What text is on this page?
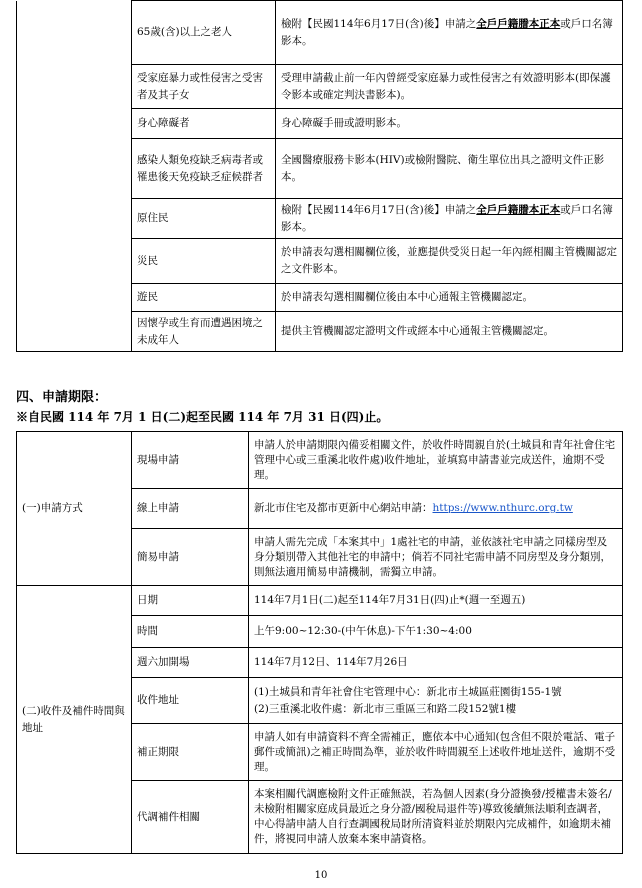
	65歲(含)以上之老人	檢附【民國114年6月17日(含)後】申請之全戶戶籍謄本正本或戶口名簿影本。
	受家庭暴力或性侵害之受害者及其子女	受理申請截止前一年內曾經受家庭暴力或性侵害之有效證明影本(即保護令影本或確定判決書影本)。
	身心障礙者	身心障礙手冊或證明影本。
	感染人類免疫缺乏病毒者或罹患後天免疫缺乏症候群者	全國醫療服務卡影本(HIV)或檢附醫院、衛生單位出具之證明文件正影本。
	原住民	檢附【民國114年6月17日(含)後】申請之全戶戶籍謄本正本或戶口名簿影本。
	災民	於申請表勾選相關欄位後，並應提供受災日起一年內經相關主管機關認定之文件影本。
	遊民	於申請表勾選相關欄位後由本中心通報主管機關認定。
	因懷孕或生育而遭遇困境之未成年人	提供主管機關認定證明文件或經本中心通報主管機關認定。
四、申請期限：
※自民國 114 年 7月 1 日(二)起至民國 114 年 7月 31 日(四)止。
(一)申請方式	現場申請	申請人於申請期限內備妥相關文件，於收件時間親自於(土城員和青年社會住宅管理中心或三重溪北收件處)收件地址，並填寫申請書並完成送件，逾期不受理。
	線上申請	新北市住宅及都市更新中心網站申請：https://www.nthurc.org.tw
	簡易申請	申請人需先完成「本案其中」1處社宅的申請，並依該社宅申請之同樣房型及身分類別帶入其他社宅的申請中；倘若不同社宅需申請不同房型及身分類別，則無法適用簡易申請機制，需獨立申請。
(二)收件及補件時間與地址	日期	114年7月1日(二)起至114年7月31日(四)止*(週一至週五)
	時間	上午9:00~12:30-(中午休息)-下午1:30~4:00
	週六加開場	114年7月12日、114年7月26日
	收件地址	(1)土城員和青年社會住宅管理中心：新北市土城區莊園街155-1號
(2)三重溪北收件處：新北市三重區三和路二段152號1樓

	補正期限	申請人如有申請資料不齊全需補正，應依本中心通知(包含但不限於電話、電子郵件或簡訊)之補正時間為準，並於收件時間親至上述收件地址送件，逾期不受理。
	代調補件相關	本案相關代調應檢附文件正確無誤，若為個人因素(身分證換發/授權書未簽名/未檢附相關家庭成員最近之身分證/國稅局退件等)導致後續無法順利查調者，中心得請申請人自行查調國稅局財所清資料並於期限內完成補件，如逾期未補件，將視同申請人放棄本案申請資格。
10
